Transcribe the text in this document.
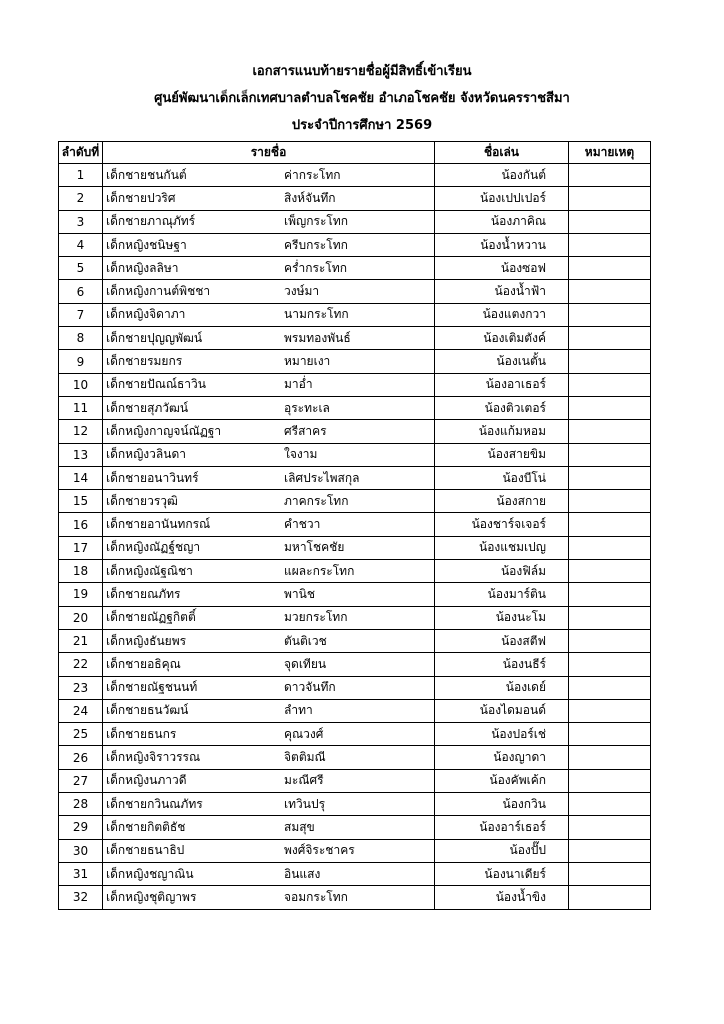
เอกสารแนบท้ายรายชื่อผู้มีสิทธิ์เข้าเรียน
ศูนย์พัฒนาเด็กเล็กเทศบาลตำบลโชคชัย อำเภอโชคชัย จังหวัดนครราชสีมา
ประจำปีการศึกษา 2569
ลำดับที่	รายชื่อ	ชื่อเล่น	หมายเหตุ
1	เด็กชายชนกันต์ ค่ากระโทก	น้องกันต์	
2	เด็กชายปวริศ สิงห์จันทึก	น้องเปปเปอร์	
3	เด็กชายภาณุภัทร์ เพ็ญกระโทก	น้องภาคิณ	
4	เด็กหญิงชนิษฐา ครีบกระโทก	น้องน้ำหวาน	
5	เด็กหญิงลลิษา คร่ำกระโทก	น้องซอฟ	
6	เด็กหญิงกานต์พิชชา วงษ์มา	น้องน้ำฟ้า	
7	เด็กหญิงจิดาภา นามกระโทก	น้องแตงกวา	
8	เด็กชายปุญญพัฒน์ พรมทองพันธ์	น้องเติมตังค์	
9	เด็กชายรมยกร หมายเงา	น้องเนตั้น	
10	เด็กชายปัณณ์ธาวิน มาอ่ำ	น้องอาเธอร์	
11	เด็กชายสุภวัฒน์ อุระทะเล	น้องติวเตอร์	
12	เด็กหญิงกาญจน์ณัฏฐา ศรีสาคร	น้องแก้มหอม	
13	เด็กหญิงวลินดา ใจงาม	น้องสายขิม	
14	เด็กชายอนาวินทร์ เลิศประไพสกุล	น้องบีโน่	
15	เด็กชายวรวุฒิ ภาคกระโทก	น้องสกาย	
16	เด็กชายอานันทกรณ์ คำชวา	น้องชาร์จเจอร์	
17	เด็กหญิงณัฏฐ์ชญา มหาโชคชัย	น้องแชมเปญ	
18	เด็กหญิงณัฐณิชา แผละกระโทก	น้องฟิล์ม	
19	เด็กชายณภัทร พานิช	น้องมาร์ติน	
20	เด็กชายณัฏฐกิตติ์ มวยกระโทก	น้องนะโม	
21	เด็กหญิงธันยพร ตันติเวช	น้องสตีฟ	
22	เด็กชายอธิคุณ จุดเทียน	น้องนธีร์	
23	เด็กชายณัฐชนนท์ ดาวจันทึก	น้องเดย์	
24	เด็กชายธนวัฒน์ ลำทา	น้องไดมอนด์	
25	เด็กชายธนกร คุณวงศ์	น้องปอร์เช่	
26	เด็กหญิงจิราวรรณ จิตติมณี	น้องญาดา	
27	เด็กหญิงนภาวดี มะณีศรี	น้องคัพเค้ก	
28	เด็กชายกวินณภัทร เทวินปรุ	น้องกวิน	
29	เด็กชายกิตติธัช สมสุข	น้องอาร์เธอร์	
30	เด็กชายธนาธิป พงศ์จิระชาคร	น้องปั๊ป	
31	เด็กหญิงชญาณิน อินแสง	น้องนาเดียร์	
32	เด็กหญิงชุติญาพร จอมกระโทก	น้องน้ำขิง	
